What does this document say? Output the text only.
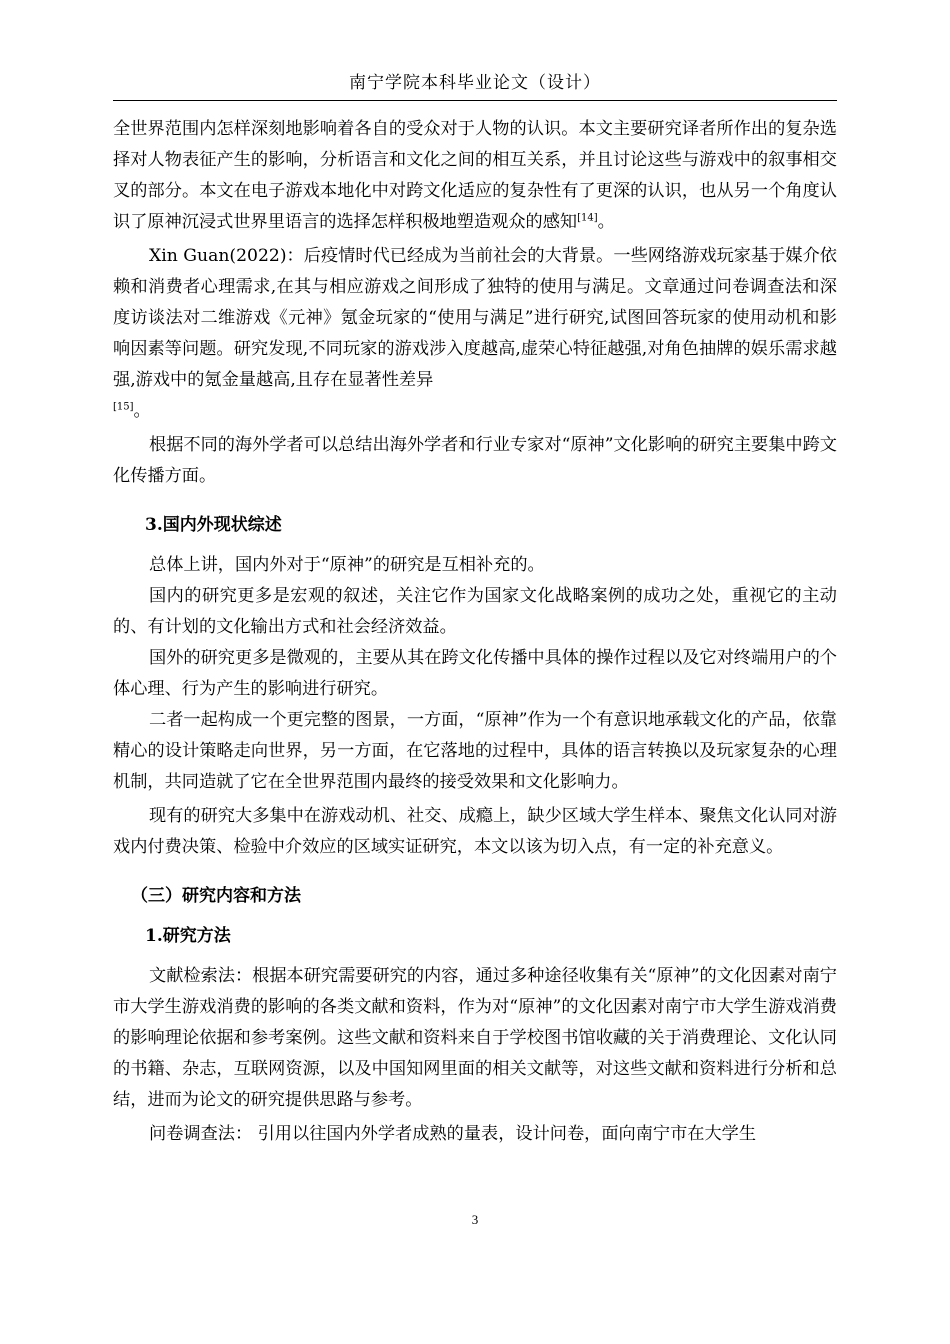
南宁学院本科毕业论文（设计）

全世界范围内怎样深刻地影响着各自的受众对于人物的认识。本文主要研究译者所作出的复杂选择对人物表征产生的影响，分析语言和文化之间的相互关系，并且讨论这些与游戏中的叙事相交叉的部分。本文在电子游戏本地化中对跨文化适应的复杂性有了更深的认识，也从另一个角度认识了原神沉浸式世界里语言的选择怎样积极地塑造观众的感知[14]。

Xin Guan(2022)：后疫情时代已经成为当前社会的大背景。一些网络游戏玩家基于媒介依赖和消费者心理需求,在其与相应游戏之间形成了独特的使用与满足。文章通过问卷调查法和深度访谈法对二维游戏《元神》氪金玩家的“使用与满足”进行研究,试图回答玩家的使用动机和影响因素等问题。研究发现,不同玩家的游戏涉入度越高,虚荣心特征越强,对角色抽牌的娱乐需求越强,游戏中的氪金量越高,且存在显著性差异
[15]。

根据不同的海外学者可以总结出海外学者和行业专家对“原神”文化影响的研究主要集中跨文化传播方面。

3.国内外现状综述

总体上讲，国内外对于“原神”的研究是互相补充的。

国内的研究更多是宏观的叙述，关注它作为国家文化战略案例的成功之处，重视它的主动的、有计划的文化输出方式和社会经济效益。

国外的研究更多是微观的，主要从其在跨文化传播中具体的操作过程以及它对终端用户的个体心理、行为产生的影响进行研究。

二者一起构成一个更完整的图景，一方面，“原神”作为一个有意识地承载文化的产品，依靠精心的设计策略走向世界，另一方面，在它落地的过程中，具体的语言转换以及玩家复杂的心理机制，共同造就了它在全世界范围内最终的接受效果和文化影响力。

现有的研究大多集中在游戏动机、社交、成瘾上，缺少区域大学生样本、聚焦文化认同对游戏内付费决策、检验中介效应的区域实证研究，本文以该为切入点，有一定的补充意义。

（三）研究内容和方法

1.研究方法

文献检索法：根据本研究需要研究的内容，通过多种途径收集有关“原神”的文化因素对南宁市大学生游戏消费的影响的各类文献和资料，作为对“原神”的文化因素对南宁市大学生游戏消费的影响理论依据和参考案例。这些文献和资料来自于学校图书馆收藏的关于消费理论、文化认同的书籍、杂志，互联网资源，以及中国知网里面的相关文献等，对这些文献和资料进行分析和总结，进而为论文的研究提供思路与参考。

问卷调查法： 引用以往国内外学者成熟的量表，设计问卷，面向南宁市在大学生

3
